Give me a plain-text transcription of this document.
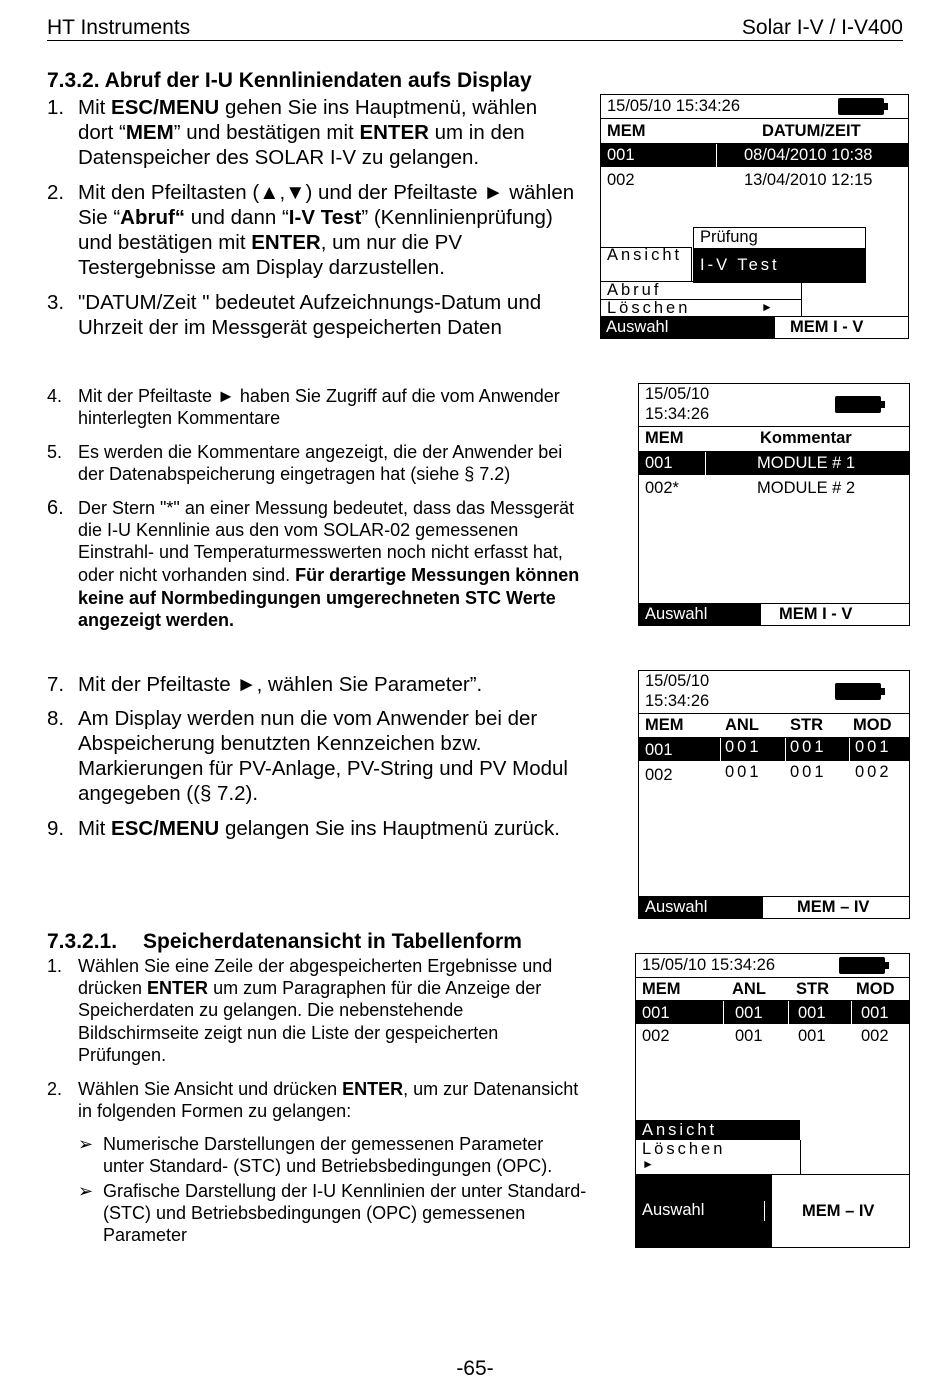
HT Instruments	Solar I-V / I-V400
7.3.2. Abruf der I-U Kennliniendaten aufs Display
1. Mit ESC/MENU gehen Sie ins Hauptmenü, wählen
dort “MEM” und bestätigen mit ENTER um in den
Datenspeicher des SOLAR I-V zu gelangen.
2. Mit den Pfeiltasten (▲,▼) und der Pfeiltaste ► wählen
Sie “Abruf“ und dann “I-V Test” (Kennlinienprüfung)
und bestätigen mit ENTER, um nur die PV
Testergebnisse am Display darzustellen.
3. "DATUM/Zeit " bedeutet Aufzeichnungs-Datum und
Uhrzeit der im Messgerät gespeicherten Daten
15/05/10 15:34:26
MEM	DATUM/ZEIT
001	08/04/2010 10:38
002	13/04/2010 12:15
Prüfung
I-V Test
Ansicht
Abruf
Löschen	►
Auswahl	MEM I - V
4. Mit der Pfeiltaste ► haben Sie Zugriff auf die vom Anwender
hinterlegten Kommentare
5. Es werden die Kommentare angezeigt, die der Anwender bei
der Datenabspeicherung eingetragen hat (siehe § 7.2)
6. Der Stern "*" an einer Messung bedeutet, dass das Messgerät
die I-U Kennlinie aus den vom SOLAR-02 gemessenen
Einstrahl- und Temperaturmesswerten noch nicht erfasst hat,
oder nicht vorhanden sind. Für derartige Messungen können
keine auf Normbedingungen umgerechneten STC Werte
angezeigt werden.
15/05/10
15:34:26
MEM	Kommentar
001	MODULE # 1
002*	MODULE # 2
Auswahl	MEM I - V
7. Mit der Pfeiltaste ►, wählen Sie Parameter”.
8. Am Display werden nun die vom Anwender bei der
Abspeicherung benutzten Kennzeichen bzw.
Markierungen für PV-Anlage, PV-String und PV Modul
angegeben ((§ 7.2).
9. Mit ESC/MENU gelangen Sie ins Hauptmenü zurück.
15/05/10
15:34:26
MEM	ANL STR MOD
001	001 001 001
002	001 001 002
Auswahl	MEM – IV
7.3.2.1. Speicherdatenansicht in Tabellenform
1. Wählen Sie eine Zeile der abgespeicherten Ergebnisse und
drücken ENTER um zum Paragraphen für die Anzeige der
Speicherdaten zu gelangen. Die nebenstehende
Bildschirmseite zeigt nun die Liste der gespeicherten
Prüfungen.
2. Wählen Sie Ansicht und drücken ENTER, um zur Datenansicht
in folgenden Formen zu gelangen:
➢ Numerische Darstellungen der gemessenen Parameter
unter Standard- (STC) und Betriebsbedingungen (OPC).
➢ Grafische Darstellung der I-U Kennlinien der unter Standard-
(STC) und Betriebsbedingungen (OPC) gemessenen
Parameter
15/05/10 15:34:26
MEM	ANL STR MOD
001	001 001 001
002	001 001 002
Ansicht
Löschen
►
Auswahl	MEM – IV
-65-
